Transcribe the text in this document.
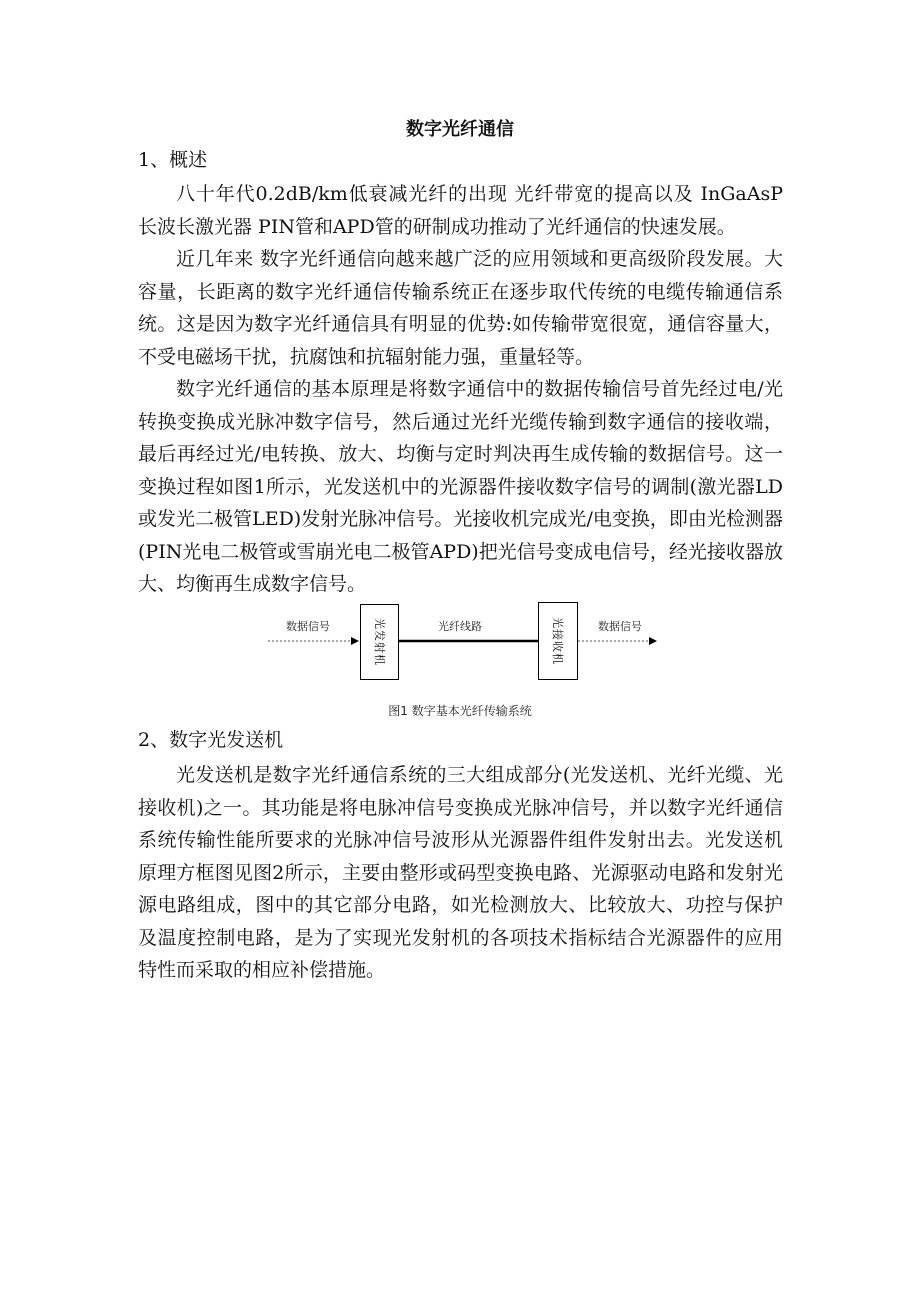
数字光纤通信
1、概述
八十年代0.2dB/km低衰减光纤的出现 光纤带宽的提高以及 InGaAsP 长波长激光器 PIN管和APD管的研制成功推动了光纤通信的快速发展。
近几年来 数字光纤通信向越来越广泛的应用领域和更高级阶段发展。大容量，长距离的数字光纤通信传输系统正在逐步取代传统的电缆传输通信系统。这是因为数字光纤通信具有明显的优势:如传输带宽很宽，通信容量大，不受电磁场干扰，抗腐蚀和抗辐射能力强，重量轻等。
数字光纤通信的基本原理是将数字通信中的数据传输信号首先经过电/光转换变换成光脉冲数字信号，然后通过光纤光缆传输到数字通信的接收端，最后再经过光/电转换、放大、均衡与定时判决再生成传输的数据信号。这一变换过程如图1所示，光发送机中的光源器件接收数字信号的调制(激光器LD或发光二极管LED)发射光脉冲信号。光接收机完成光/电变换，即由光检测器(PIN光电二极管或雪崩光电二极管APD)把光信号变成电信号，经光接收器放大、均衡再生成数字信号。
数据信号	光发射机	光纤线路	光接收机	数据信号
图1 数字基本光纤传输系统
2、数字光发送机
光发送机是数字光纤通信系统的三大组成部分(光发送机、光纤光缆、光接收机)之一。其功能是将电脉冲信号变换成光脉冲信号，并以数字光纤通信系统传输性能所要求的光脉冲信号波形从光源器件组件发射出去。光发送机原理方框图见图2所示，主要由整形或码型变换电路、光源驱动电路和发射光源电路组成，图中的其它部分电路，如光检测放大、比较放大、功控与保护及温度控制电路，是为了实现光发射机的各项技术指标结合光源器件的应用特性而采取的相应补偿措施。
